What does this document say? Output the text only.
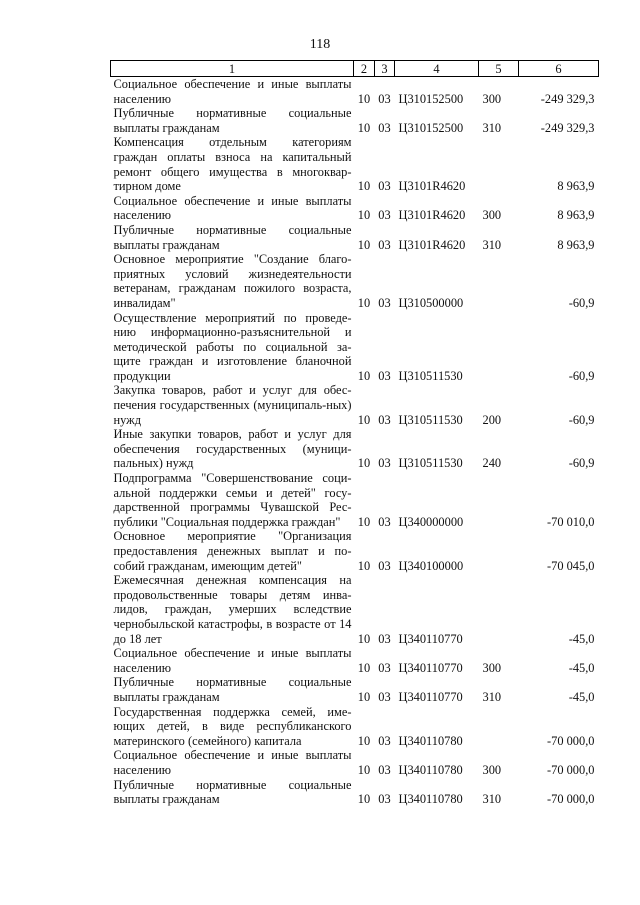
118
1	2	3	4	5	6
Социальное обеспечение и иные выплаты населению	10	03	Ц310152500	300	-249 329,3
Публичные нормативные социальные выплаты гражданам	10	03	Ц310152500	310	-249 329,3
Компенсация отдельным категориям граждан оплаты взноса на капитальный ремонт общего имущества в многоквар-тирном доме	10	03	Ц3101R4620		8 963,9
Социальное обеспечение и иные выплаты населению	10	03	Ц3101R4620	300	8 963,9
Публичные нормативные социальные выплаты гражданам	10	03	Ц3101R4620	310	8 963,9
Основное мероприятие "Создание благо-приятных условий жизнедеятельности ветеранам, гражданам пожилого возраста, инвалидам"	10	03	Ц310500000		-60,9
Осуществление мероприятий по проведе-нию информационно-разъяснительной и методической работы по социальной за-щите граждан и изготовление бланочной продукции	10	03	Ц310511530		-60,9
Закупка товаров, работ и услуг для обес-печения государственных (муниципаль-ных) нужд	10	03	Ц310511530	200	-60,9
Иные закупки товаров, работ и услуг для обеспечения государственных (муници-пальных) нужд	10	03	Ц310511530	240	-60,9
Подпрограмма "Совершенствование соци-альной поддержки семьи и детей" госу-дарственной программы Чувашской Рес-публики "Социальная поддержка граждан"	10	03	Ц340000000		-70 010,0
Основное мероприятие "Организация предоставления денежных выплат и по-собий гражданам, имеющим детей"	10	03	Ц340100000		-70 045,0
Ежемесячная денежная компенсация на продовольственные товары детям инва-лидов, граждан, умерших вследствие чернобыльской катастрофы, в возрасте от 14 до 18 лет	10	03	Ц340110770		-45,0
Социальное обеспечение и иные выплаты населению	10	03	Ц340110770	300	-45,0
Публичные нормативные социальные выплаты гражданам	10	03	Ц340110770	310	-45,0
Государственная поддержка семей, име-ющих детей, в виде республиканского материнского (семейного) капитала	10	03	Ц340110780		-70 000,0
Социальное обеспечение и иные выплаты населению	10	03	Ц340110780	300	-70 000,0
Публичные нормативные социальные выплаты гражданам	10	03	Ц340110780	310	-70 000,0
